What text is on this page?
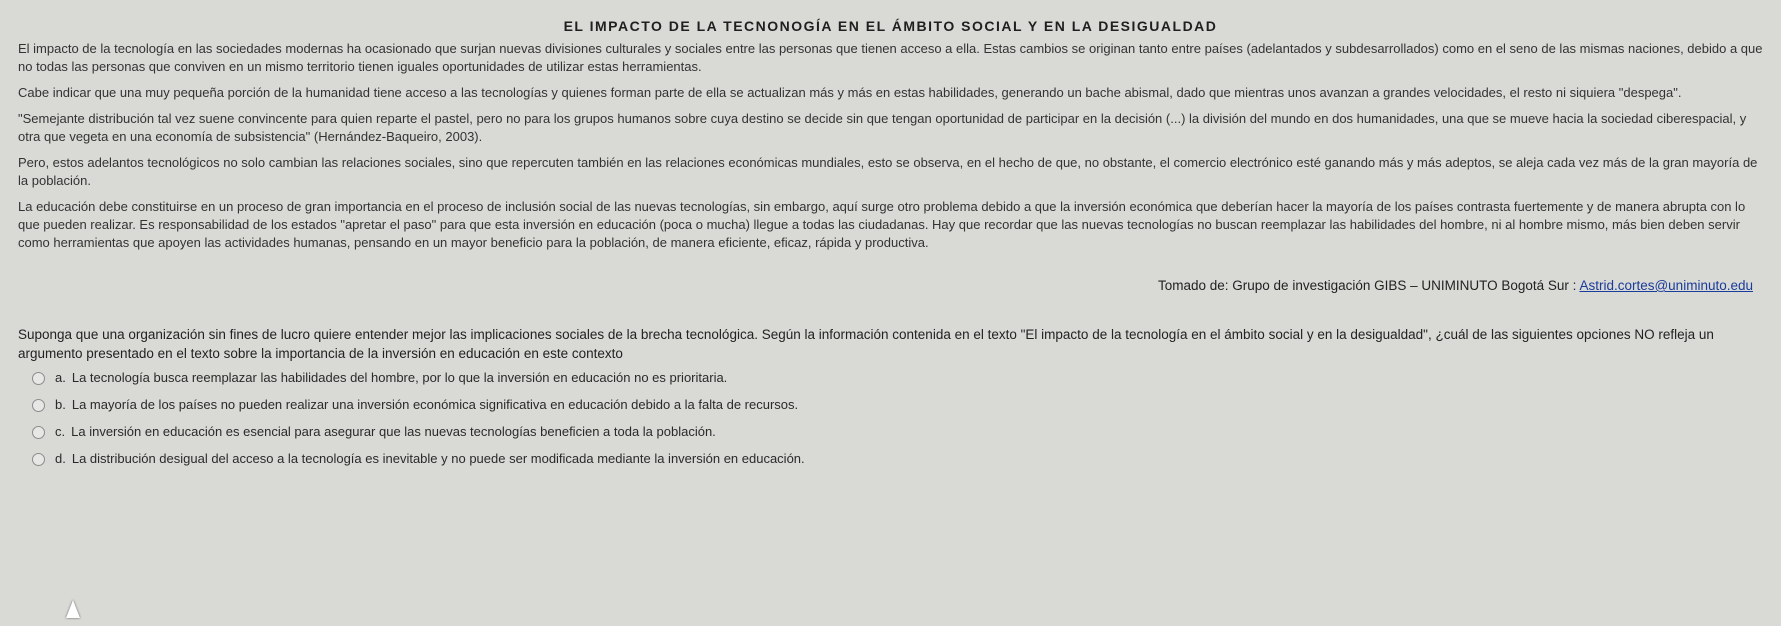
EL IMPACTO DE LA TECNONOGÍA EN EL ÁMBITO SOCIAL Y EN LA DESIGUALDAD

El impacto de la tecnología en las sociedades modernas ha ocasionado que surjan nuevas divisiones culturales y sociales entre las personas que tienen acceso a ella. Estas cambios se originan tanto entre países (adelantados y subdesarrollados) como en el seno de las mismas naciones, debido a que no todas las personas que conviven en un mismo territorio tienen iguales oportunidades de utilizar estas herramientas.

Cabe indicar que una muy pequeña porción de la humanidad tiene acceso a las tecnologías y quienes forman parte de ella se actualizan más y más en estas habilidades, generando un bache abismal, dado que mientras unos avanzan a grandes velocidades, el resto ni siquiera "despega".

"Semejante distribución tal vez suene convincente para quien reparte el pastel, pero no para los grupos humanos sobre cuya destino se decide sin que tengan oportunidad de participar en la decisión (...) la división del mundo en dos humanidades, una que se mueve hacia la sociedad ciberespacial, y otra que vegeta en una economía de subsistencia" (Hernández-Baqueiro, 2003).

Pero, estos adelantos tecnológicos no solo cambian las relaciones sociales, sino que repercuten también en las relaciones económicas mundiales, esto se observa, en el hecho de que, no obstante, el comercio electrónico esté ganando más y más adeptos, se aleja cada vez más de la gran mayoría de la población.

La educación debe constituirse en un proceso de gran importancia en el proceso de inclusión social de las nuevas tecnologías, sin embargo, aquí surge otro problema debido a que la inversión económica que deberían hacer la mayoría de los países contrasta fuertemente y de manera abrupta con lo que pueden realizar. Es responsabilidad de los estados "apretar el paso" para que esta inversión en educación (poca o mucha) llegue a todas las ciudadanas. Hay que recordar que las nuevas tecnologías no buscan reemplazar las habilidades del hombre, ni al hombre mismo, más bien deben servir como herramientas que apoyen las actividades humanas, pensando en un mayor beneficio para la población, de manera eficiente, eficaz, rápida y productiva.

Tomado de: Grupo de investigación GIBS – UNIMINUTO Bogotá Sur : Astrid.cortes@uniminuto.edu

Suponga que una organización sin fines de lucro quiere entender mejor las implicaciones sociales de la brecha tecnológica. Según la información contenida en el texto "El impacto de la tecnología en el ámbito social y en la desigualdad", ¿cuál de las siguientes opciones NO refleja un argumento presentado en el texto sobre la importancia de la inversión en educación en este contexto

a. La tecnología busca reemplazar las habilidades del hombre, por lo que la inversión en educación no es prioritaria.
b. La mayoría de los países no pueden realizar una inversión económica significativa en educación debido a la falta de recursos.
c. La inversión en educación es esencial para asegurar que las nuevas tecnologías beneficien a toda la población.
d. La distribución desigual del acceso a la tecnología es inevitable y no puede ser modificada mediante la inversión en educación.
